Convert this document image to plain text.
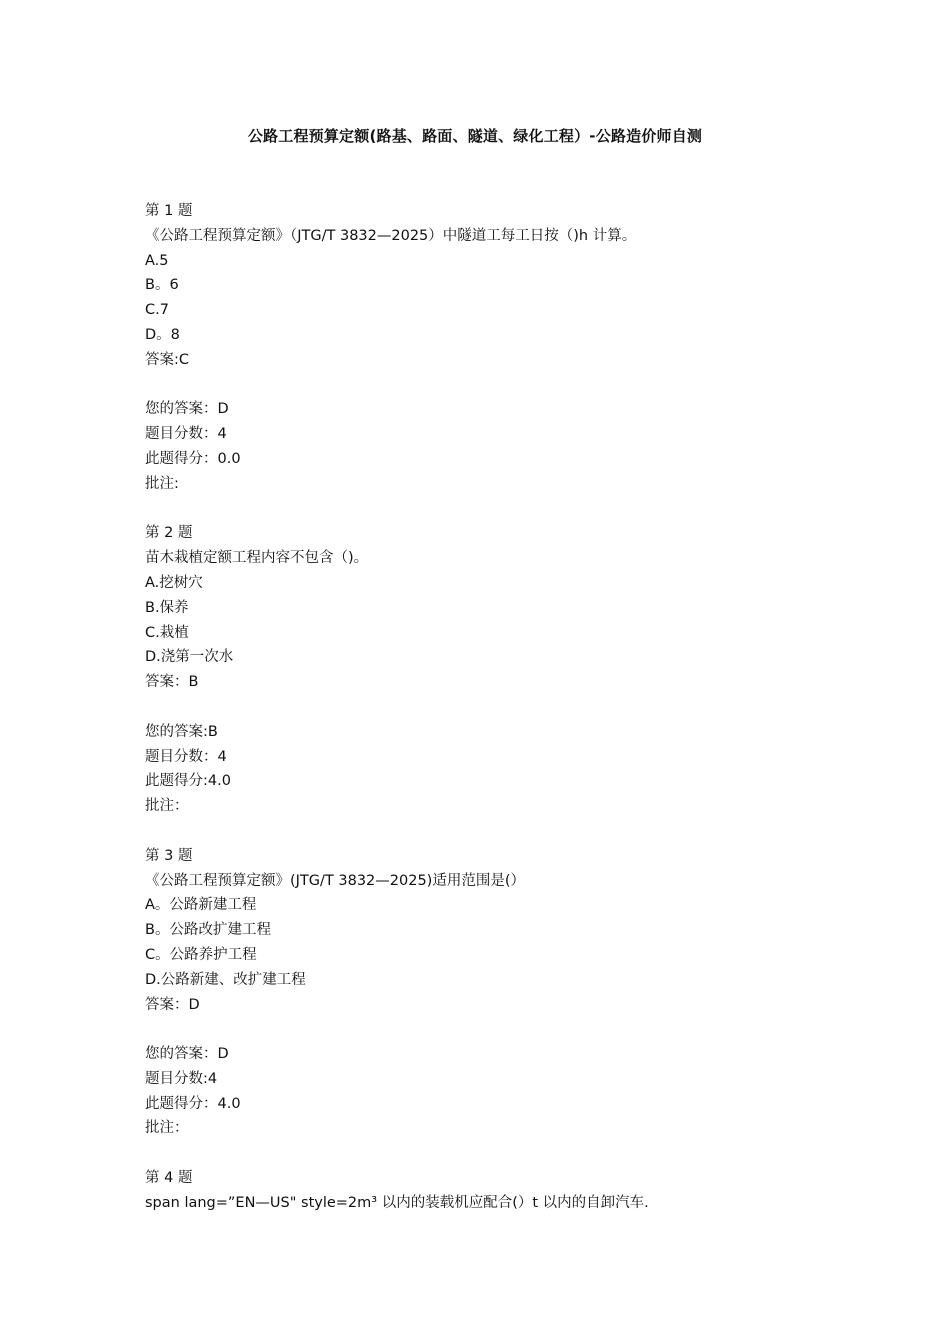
公路工程预算定额(路基、路面、隧道、绿化工程）-公路造价师自测
第 1 题
《公路工程预算定额》（JTG/T 3832—2025）中隧道工每工日按（)h 计算。
A.5
B。6
C.7
D。8
答案:C
您的答案：D
题目分数：4
此题得分：0.0
批注:
第 2 题
苗木栽植定额工程内容不包含（)。
A.挖树穴
B.保养
C.栽植
D.浇第一次水
答案：B
您的答案:B
题目分数：4
此题得分:4.0
批注：
第 3 题
《公路工程预算定额》(JTG/T 3832—2025)适用范围是(）
A。公路新建工程
B。公路改扩建工程
C。公路养护工程
D.公路新建、改扩建工程
答案：D
您的答案：D
题目分数:4
此题得分：4.0
批注：
第 4 题
span lang=”EN—US" style=2m³ 以内的装载机应配合(）t 以内的自卸汽车.
